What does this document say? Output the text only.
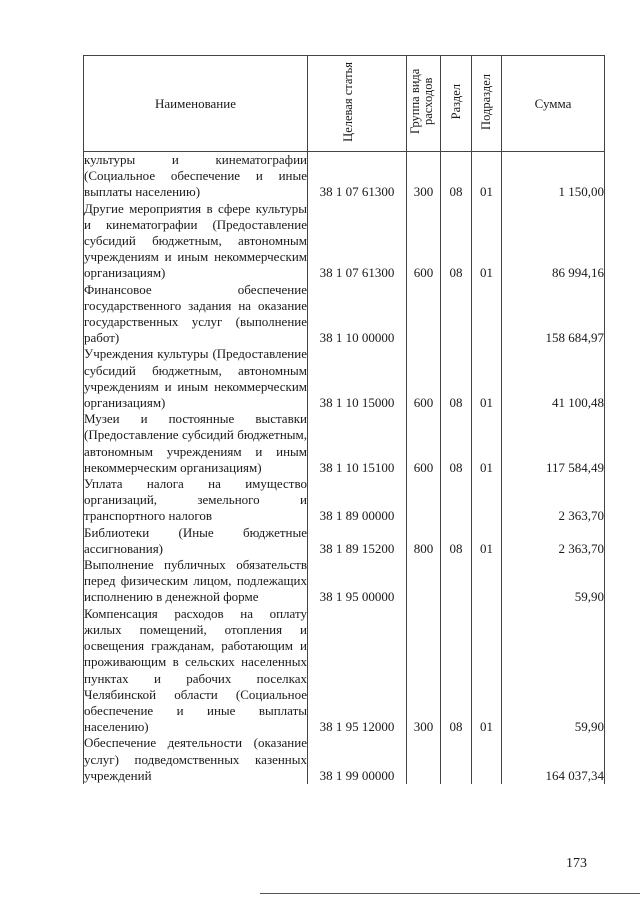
Наименование	Целевая статья	Группа вида расходов	Раздел	Подраздел	Сумма
культуры и кинематографии (Социальное обеспечение и иные выплаты населению)	38 1 07 61300	300	08	01	1 150,00
Другие мероприятия в сфере культуры и кинематографии (Предоставление субсидий бюджетным, автономным учреждениям и иным некоммерческим организациям)	38 1 07 61300	600	08	01	86 994,16
Финансовое обеспечение государственного задания на оказание государственных услуг (выполнение работ)	38 1 10 00000				158 684,97
Учреждения культуры (Предоставление субсидий бюджетным, автономным учреждениям и иным некоммерческим организациям)	38 1 10 15000	600	08	01	41 100,48
Музеи и постоянные выставки (Предоставление субсидий бюджетным, автономным учреждениям и иным некоммерческим организациям)	38 1 10 15100	600	08	01	117 584,49
Уплата налога на имущество организаций, земельного и транспортного налогов	38 1 89 00000				2 363,70
Библиотеки (Иные бюджетные ассигнования)	38 1 89 15200	800	08	01	2 363,70
Выполнение публичных обязательств перед физическим лицом, подлежащих исполнению в денежной форме	38 1 95 00000				59,90
Компенсация расходов на оплату жилых помещений, отопления и освещения гражданам, работающим и проживающим в сельских населенных пунктах и рабочих поселках Челябинской области (Социальное обеспечение и иные выплаты населению)	38 1 95 12000	300	08	01	59,90
Обеспечение деятельности (оказание услуг) подведомственных казенных учреждений	38 1 99 00000				164 037,34
173
